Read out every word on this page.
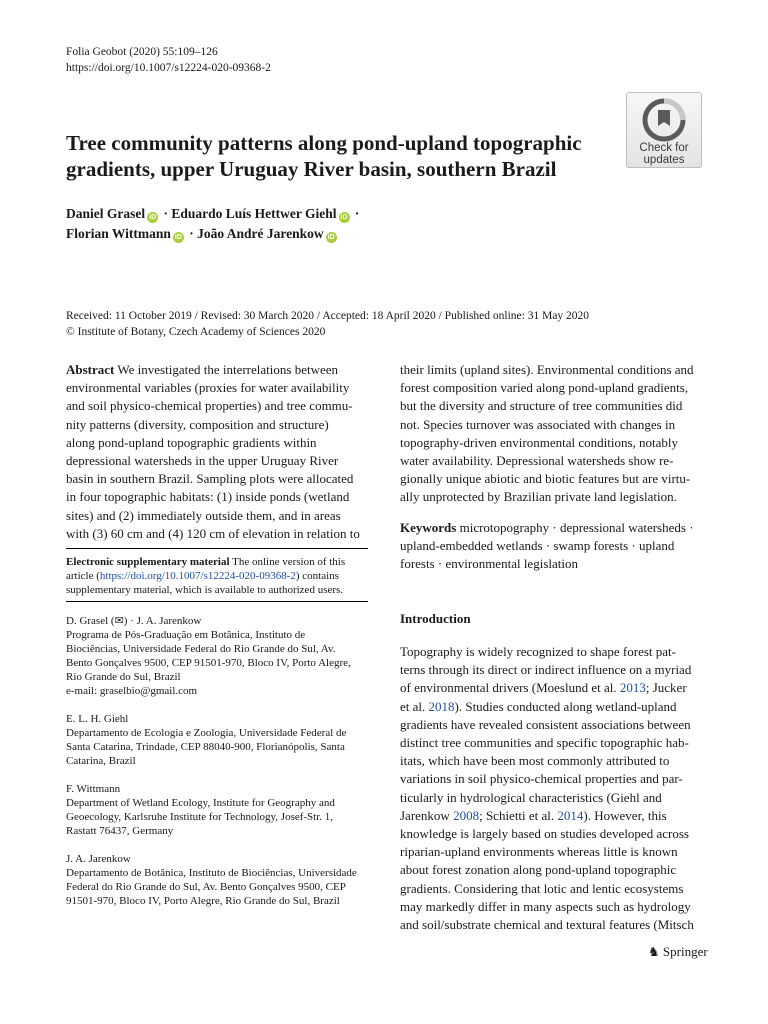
Folia Geobot (2020) 55:109–126
https://doi.org/10.1007/s12224-020-09368-2
Tree community patterns along pond-upland topographic gradients, upper Uruguay River basin, southern Brazil
Check for
updates
Daniel Grasel iD · Eduardo Luís Hettwer Giehl iD ·
Florian Wittmann iD · João André Jarenkow iD
Received: 11 October 2019 / Revised: 30 March 2020 / Accepted: 18 April 2020 / Published online: 31 May 2020
© Institute of Botany, Czech Academy of Sciences 2020

Abstract We investigated the interrelations between

environmental variables (proxies for water availability

and soil physico-chemical properties) and tree commu-

nity patterns (diversity, composition and structure)

along pond-upland topographic gradients within

depressional watersheds in the upper Uruguay River

basin in southern Brazil. Sampling plots were allocated

in four topographic habitats: (1) inside ponds (wetland

sites) and (2) immediately outside them, and in areas

with (3) 60 cm and (4) 120 cm of elevation in relation to

their limits (upland sites). Environmental conditions and

forest composition varied along pond-upland gradients,

but the diversity and structure of tree communities did

not. Species turnover was associated with changes in

topography-driven environmental conditions, notably

water availability. Depressional watersheds show re-

gionally unique abiotic and biotic features but are virtu-

ally unprotected by Brazilian private land legislation.

Keywords microtopography · depressional watersheds ·

upland-embedded wetlands · swamp forests · upland

forests · environmental legislation

Electronic supplementary material The online version of this
article (https://doi.org/10.1007/s12224-020-09368-2) contains
supplementary material, which is available to authorized users.
D. Grasel (✉) · J. A. Jarenkow
Programa de Pós-Graduação em Botânica, Instituto de
Biociências, Universidade Federal do Rio Grande do Sul, Av.
Bento Gonçalves 9500, CEP 91501-970, Bloco IV, Porto Alegre,
Rio Grande do Sul, Brazil
e-mail: graselbio@gmail.com
E. L. H. Giehl
Departamento de Ecologia e Zoologia, Universidade Federal de
Santa Catarina, Trindade, CEP 88040-900, Florianópolis, Santa
Catarina, Brazil
F. Wittmann
Department of Wetland Ecology, Institute for Geography and
Geoecology, Karlsruhe Institute for Technology, Josef-Str. 1,
Rastatt 76437, Germany
J. A. Jarenkow
Departamento de Botânica, Instituto de Biociências, Universidade
Federal do Rio Grande do Sul, Av. Bento Gonçalves 9500, CEP
91501-970, Bloco IV, Porto Alegre, Rio Grande do Sul, Brazil
Introduction

Topography is widely recognized to shape forest pat-

terns through its direct or indirect influence on a myriad

of environmental drivers (Moeslund et al. 2013; Jucker

et al. 2018). Studies conducted along wetland-upland

gradients have revealed consistent associations between

distinct tree communities and specific topographic hab-

itats, which have been most commonly attributed to

variations in soil physico-chemical properties and par-

ticularly in hydrological characteristics (Giehl and

Jarenkow 2008; Schietti et al. 2014). However, this

knowledge is largely based on studies developed across

riparian-upland environments whereas little is known

about forest zonation along pond-upland topographic

gradients. Considering that lotic and lentic ecosystems

may markedly differ in many aspects such as hydrology

and soil/substrate chemical and textural features (Mitsch

♞ Springer
